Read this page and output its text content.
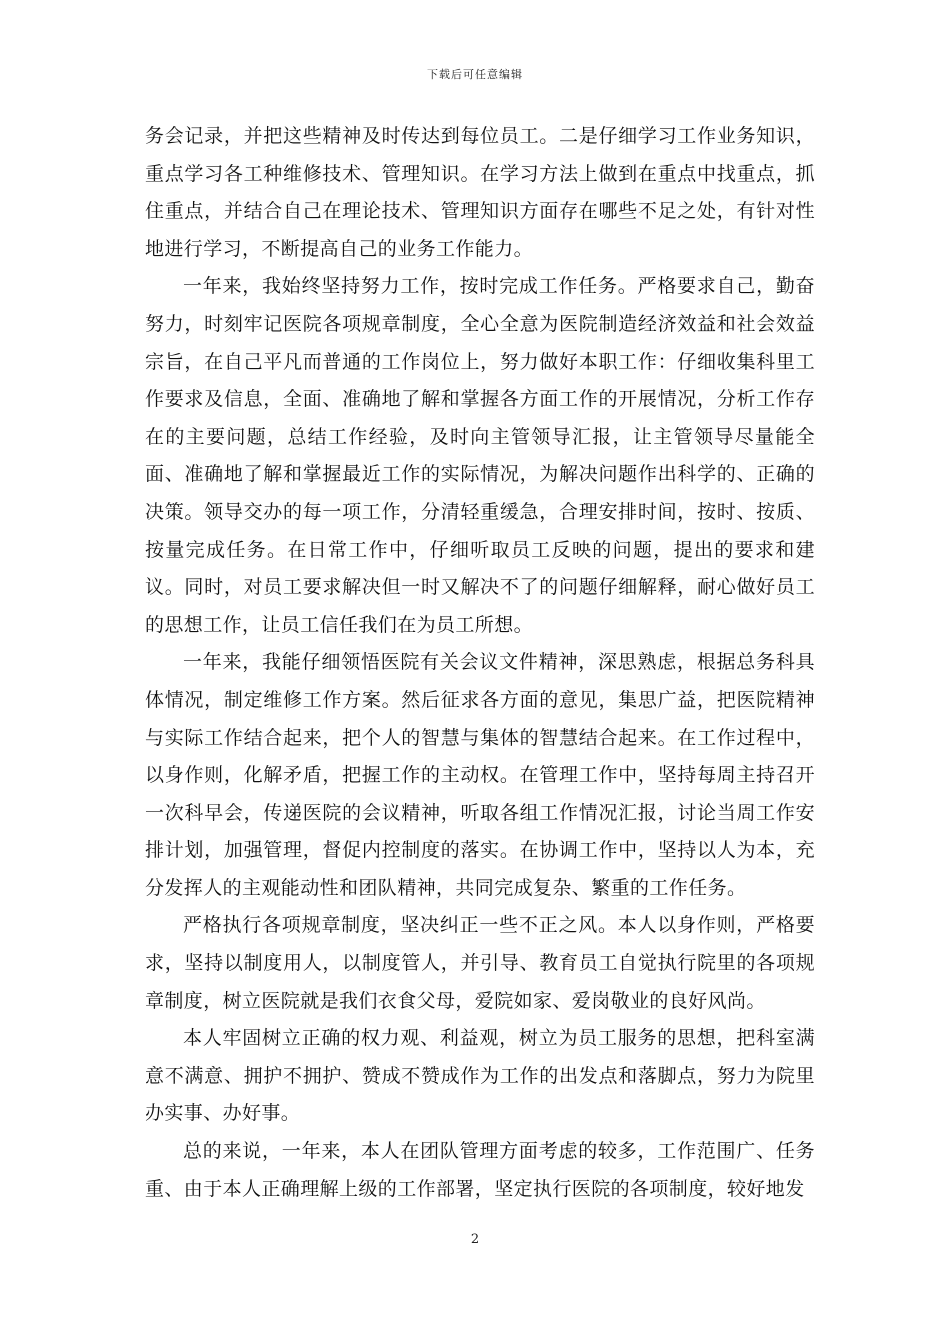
下载后可任意编辑

务会记录，并把这些精神及时传达到每位员工。二是仔细学习工作业务知识，重点学习各工种维修技术、管理知识。在学习方法上做到在重点中找重点，抓住重点，并结合自己在理论技术、管理知识方面存在哪些不足之处，有针对性地进行学习，不断提高自己的业务工作能力。

一年来，我始终坚持努力工作，按时完成工作任务。严格要求自己，勤奋努力，时刻牢记医院各项规章制度，全心全意为医院制造经济效益和社会效益宗旨，在自己平凡而普通的工作岗位上，努力做好本职工作：仔细收集科里工作要求及信息，全面、准确地了解和掌握各方面工作的开展情况，分析工作存在的主要问题，总结工作经验，及时向主管领导汇报，让主管领导尽量能全面、准确地了解和掌握最近工作的实际情况，为解决问题作出科学的、正确的决策。领导交办的每一项工作，分清轻重缓急，合理安排时间，按时、按质、按量完成任务。在日常工作中，仔细听取员工反映的问题，提出的要求和建议。同时，对员工要求解决但一时又解决不了的问题仔细解释，耐心做好员工的思想工作，让员工信任我们在为员工所想。

一年来，我能仔细领悟医院有关会议文件精神，深思熟虑，根据总务科具体情况，制定维修工作方案。然后征求各方面的意见，集思广益，把医院精神与实际工作结合起来，把个人的智慧与集体的智慧结合起来。在工作过程中，以身作则，化解矛盾，把握工作的主动权。在管理工作中，坚持每周主持召开一次科早会，传递医院的会议精神，听取各组工作情况汇报，讨论当周工作安排计划，加强管理，督促内控制度的落实。在协调工作中，坚持以人为本，充分发挥人的主观能动性和团队精神，共同完成复杂、繁重的工作任务。

严格执行各项规章制度，坚决纠正一些不正之风。本人以身作则，严格要求，坚持以制度用人，以制度管人，并引导、教育员工自觉执行院里的各项规章制度，树立医院就是我们衣食父母，爱院如家、爱岗敬业的良好风尚。

本人牢固树立正确的权力观、利益观，树立为员工服务的思想，把科室满意不满意、拥护不拥护、赞成不赞成作为工作的出发点和落脚点，努力为院里办实事、办好事。

总的来说，一年来，本人在团队管理方面考虑的较多，工作范围广、任务重、由于本人正确理解上级的工作部署，坚定执行医院的各项制度，较好地发

2
